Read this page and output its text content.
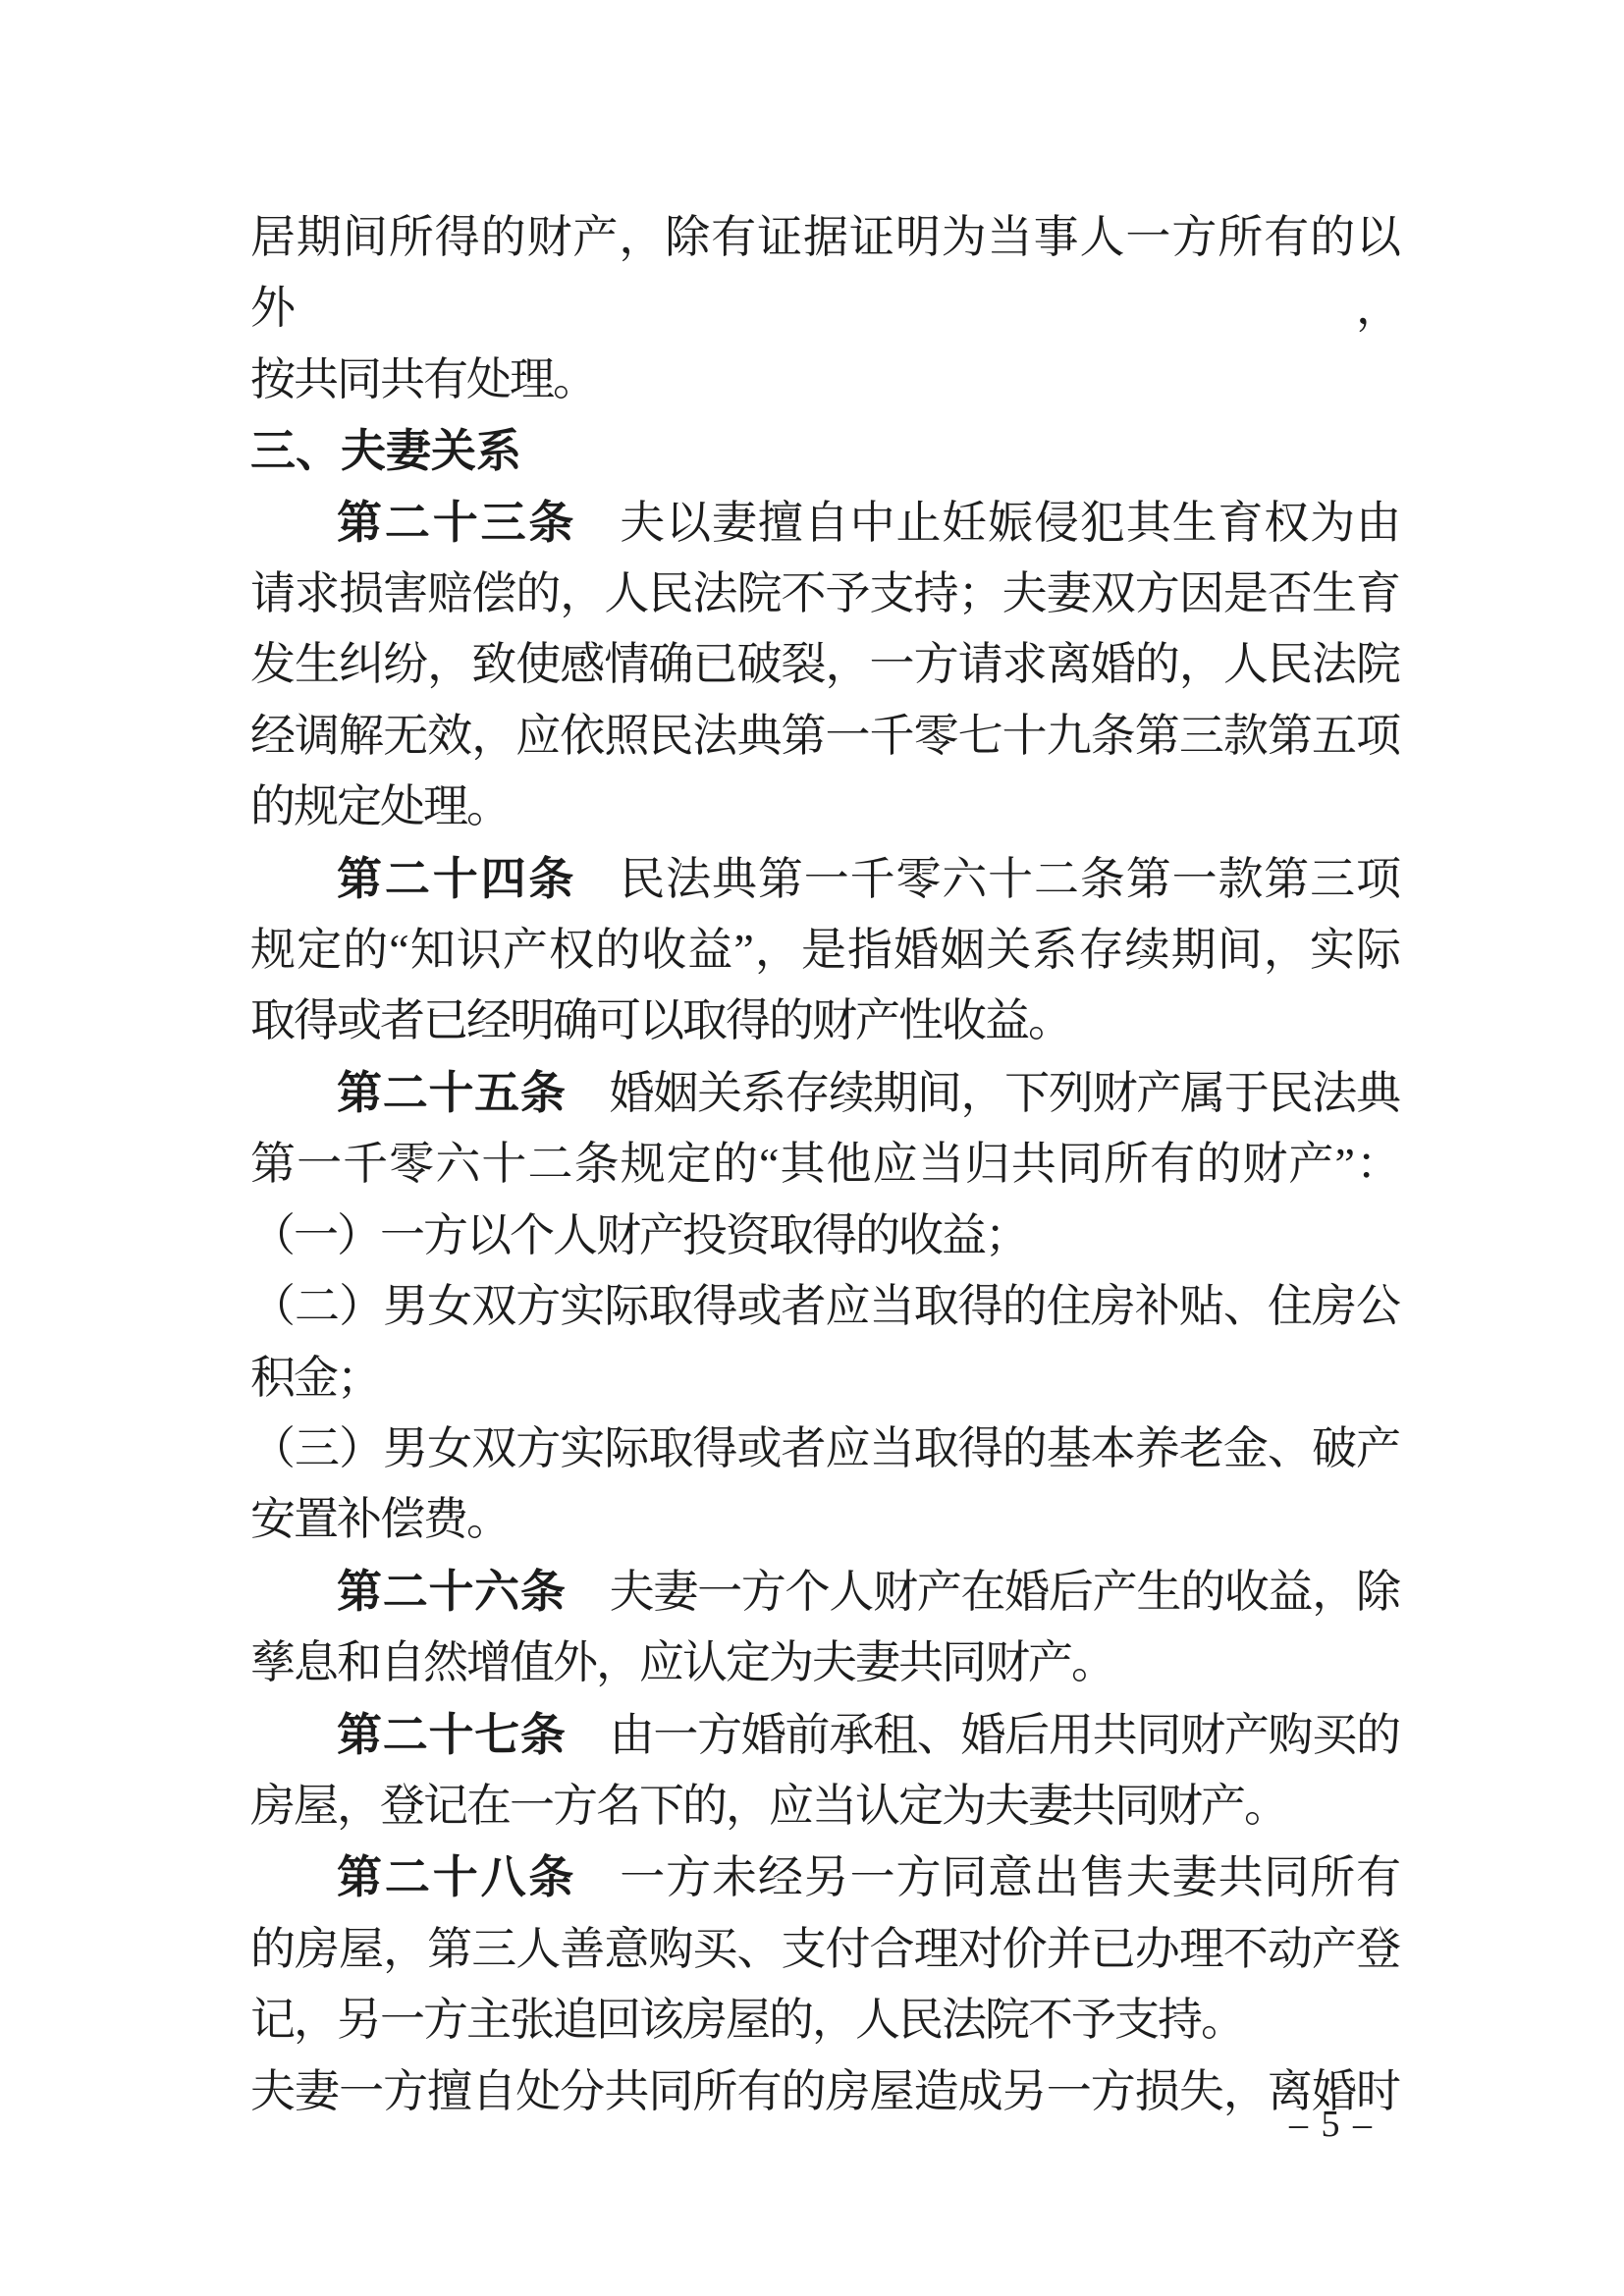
居期间所得的财产，除有证据证明为当事人一方所有的以外，
按共同共有处理。
三、夫妻关系
第二十三条 夫以妻擅自中止妊娠侵犯其生育权为由
请求损害赔偿的，人民法院不予支持；夫妻双方因是否生育
发生纠纷，致使感情确已破裂，一方请求离婚的，人民法院
经调解无效，应依照民法典第一千零七十九条第三款第五项
的规定处理。
第二十四条 民法典第一千零六十二条第一款第三项
规定的“知识产权的收益”，是指婚姻关系存续期间，实际
取得或者已经明确可以取得的财产性收益。
第二十五条 婚姻关系存续期间，下列财产属于民法典
第一千零六十二条规定的“其他应当归共同所有的财产”：
（一）一方以个人财产投资取得的收益；
（二）男女双方实际取得或者应当取得的住房补贴、住房公
积金；
（三）男女双方实际取得或者应当取得的基本养老金、破产
安置补偿费。
第二十六条 夫妻一方个人财产在婚后产生的收益，除
孳息和自然增值外，应认定为夫妻共同财产。
第二十七条 由一方婚前承租、婚后用共同财产购买的
房屋，登记在一方名下的，应当认定为夫妻共同财产。
第二十八条 一方未经另一方同意出售夫妻共同所有
的房屋，第三人善意购买、支付合理对价并已办理不动产登
记，另一方主张追回该房屋的，人民法院不予支持。
夫妻一方擅自处分共同所有的房屋造成另一方损失，离婚时
– 5 –
